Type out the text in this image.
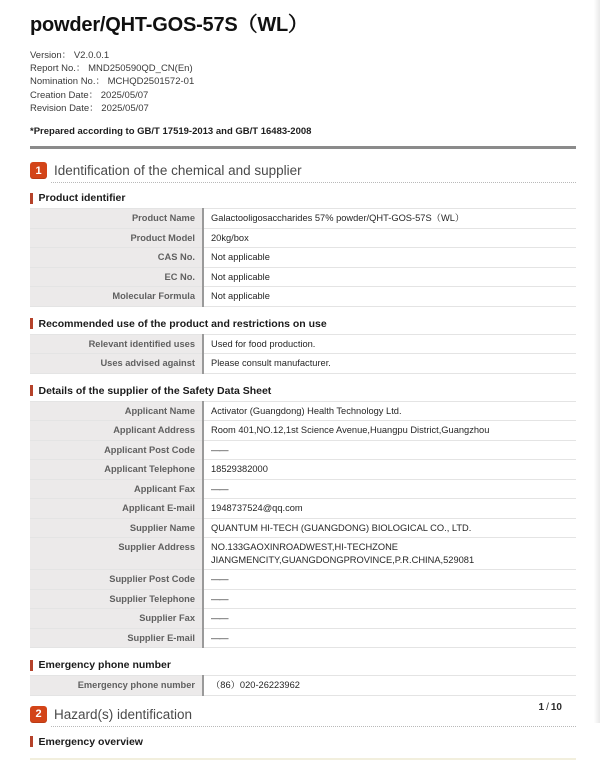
powder/QHT-GOS-57S（WL）
Version： V2.0.0.1
Report No.： MND250590QD_CN(En)
Nomination No.： MCHQD2501572-01
Creation Date： 2025/05/07
Revision Date： 2025/05/07
*Prepared according to GB/T 17519-2013 and GB/T 16483-2008
1 Identification of the chemical and supplier
Product identifier
Product Name	Galactooligosaccharides 57% powder/QHT-GOS-57S（WL）
Product Model	20kg/box
CAS No.	Not applicable
EC No.	Not applicable
Molecular Formula	Not applicable
Recommended use of the product and restrictions on use
Relevant identified uses	Used for food production.
Uses advised against	Please consult manufacturer.
Details of the supplier of the Safety Data Sheet
Applicant Name	Activator (Guangdong) Health Technology Ltd.
Applicant Address	Room 401,NO.12,1st Science Avenue,Huangpu District,Guangzhou
Applicant Post Code	——
Applicant Telephone	18529382000
Applicant Fax	——
Applicant E-mail	1948737524@qq.com
Supplier Name	QUANTUM HI-TECH (GUANGDONG) BIOLOGICAL CO., LTD.
Supplier Address	NO.133GAOXINROADWEST,HI-TECHZONE
JIANGMENCITY,GUANGDONGPROVINCE,P.R.CHINA,529081

Supplier Post Code	——
Supplier Telephone	——
Supplier Fax	——
Supplier E-mail	——
Emergency phone number
Emergency phone number	（86）020-26223962
2 Hazard(s) identification
Emergency overview
1 / 10
